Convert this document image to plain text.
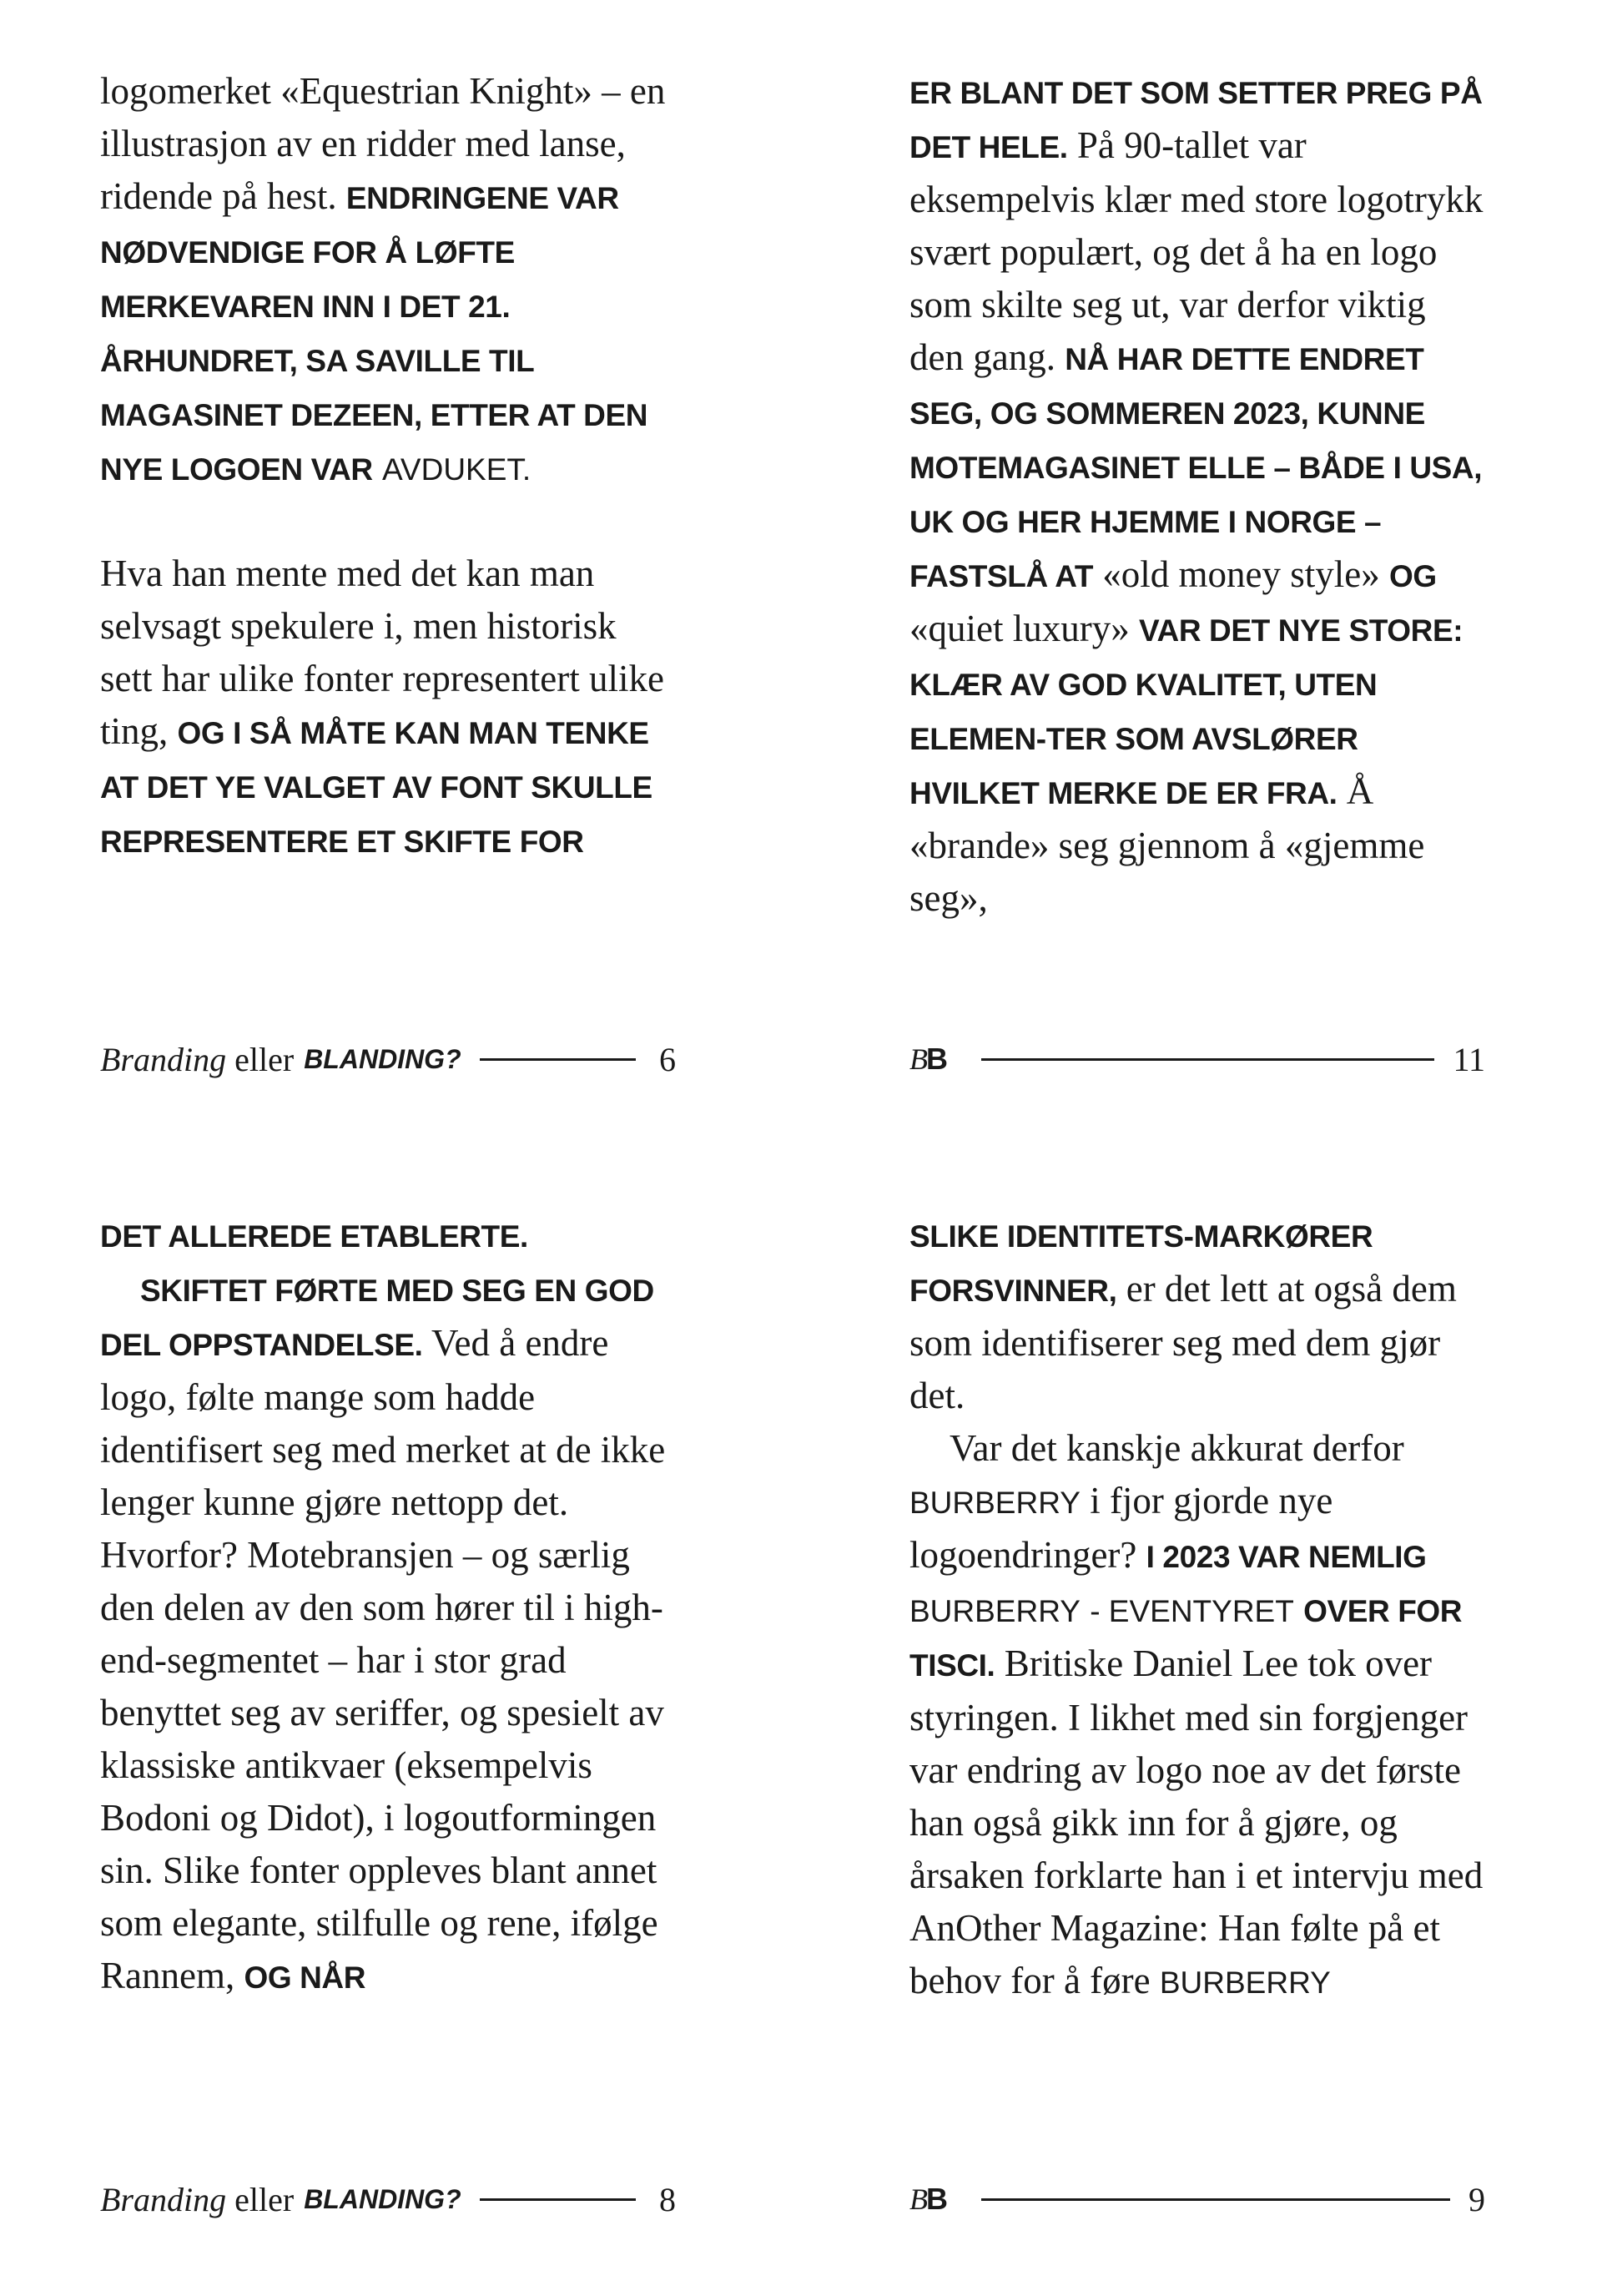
logomerket «Equestrian Knight» – en illustrasjon av en ridder med lanse, ridende på hest. ENDRINGENE VAR NØDVENDIGE FOR Å LØFTE MERKEVAREN INN I DET 21. ÅRHUNDRET, SA SAVILLE TIL MAGASINET DEZEEN, ETTER AT DEN NYE LOGOEN VAR AVDUKET.

Hva han mente med det kan man selvsagt spekulere i, men historisk sett har ulike fonter representert ulike ting, OG I SÅ MÅTE KAN MAN TENKE AT DET YE VALGET AV FONT SKULLE REPRESENTERE ET SKIFTE FOR

Branding eller BLANDING?	6

ER BLANT DET SOM SETTER PREG PÅ DET HELE. På 90-tallet var eksempelvis klær med store logotrykk svært populært, og det å ha en logo som skilte seg ut, var derfor viktig den gang. NÅ HAR DETTE ENDRET SEG, OG SOMMEREN 2023, KUNNE MOTEMAGASINET ELLE – BÅDE I USA, UK OG HER HJEMME I NORGE – FASTSLÅ AT «old money style» OG «quiet luxury» VAR DET NYE STORE: KLÆR AV GOD KVALITET, UTEN ELEMEN-TER SOM AVSLØRER HVILKET MERKE DE ER FRA. Å «brande» seg gjennom å «gjemme seg»,

B
B	11

DET ALLEREDE ETABLERTE.

SKIFTET FØRTE MED SEG EN GOD DEL OPPSTANDELSE. Ved å endre logo, følte mange som hadde identifisert seg med merket at de ikke lenger kunne gjøre nettopp det. Hvorfor? Motebransjen – og særlig den delen av den som hører til i high-end-segmentet – har i stor grad benyttet seg av seriffer, og spesielt av klassiske antikvaer (eksempelvis Bodoni og Didot), i logoutformingen sin. Slike fonter oppleves blant annet som elegante, stilfulle og rene, ifølge Rannem, OG NÅR

Branding eller BLANDING?	8

SLIKE IDENTITETS-MARKØRER FORSVINNER, er det lett at også dem som identifiserer seg med dem gjør det.

Var det kanskje akkurat derfor BURBERRY i fjor gjorde nye logoendringer? I 2023 VAR NEMLIG BURBERRY - EVENTYRET OVER FOR TISCI. Britiske Daniel Lee tok over styringen. I likhet med sin forgjenger var endring av logo noe av det første han også gikk inn for å gjøre, og årsaken forklarte han i et intervju med AnOther Magazine: Han følte på et behov for å føre BURBERRY

B
B	9
